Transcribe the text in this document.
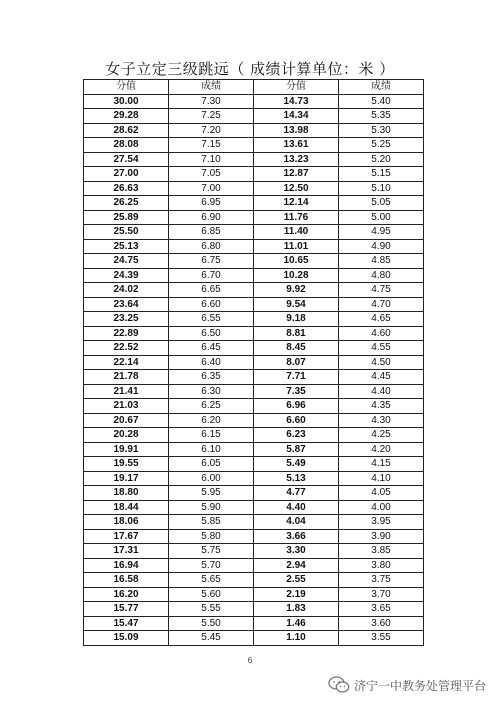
女子立定三级跳远（ 成绩计算单位：米 ）
分值	成绩	分值	成绩
30.00	7.30	14.73	5.40
29.28	7.25	14.34	5.35
28.62	7.20	13.98	5.30
28.08	7.15	13.61	5.25
27.54	7.10	13.23	5.20
27.00	7.05	12.87	5.15
26.63	7.00	12.50	5.10
26.25	6.95	12.14	5.05
25.89	6.90	11.76	5.00
25.50	6.85	11.40	4.95
25.13	6.80	11.01	4.90
24.75	6.75	10.65	4.85
24.39	6.70	10.28	4.80
24.02	6.65	9.92	4.75
23.64	6.60	9.54	4.70
23.25	6.55	9.18	4.65
22.89	6.50	8.81	4.60
22.52	6.45	8.45	4.55
22.14	6.40	8.07	4.50
21.78	6.35	7.71	4.45
21.41	6.30	7.35	4.40
21.03	6.25	6.96	4.35
20.67	6.20	6.60	4.30
20.28	6.15	6.23	4.25
19.91	6.10	5.87	4.20
19.55	6.05	5.49	4.15
19.17	6.00	5.13	4.10
18.80	5.95	4.77	4.05
18.44	5.90	4.40	4.00
18.06	5.85	4.04	3.95
17.67	5.80	3.66	3.90
17.31	5.75	3.30	3.85
16.94	5.70	2.94	3.80
16.58	5.65	2.55	3.75
16.20	5.60	2.19	3.70
15.77	5.55	1.83	3.65
15.47	5.50	1.46	3.60
15.09	5.45	1.10	3.55
6
济宁一中教务处管理平台
